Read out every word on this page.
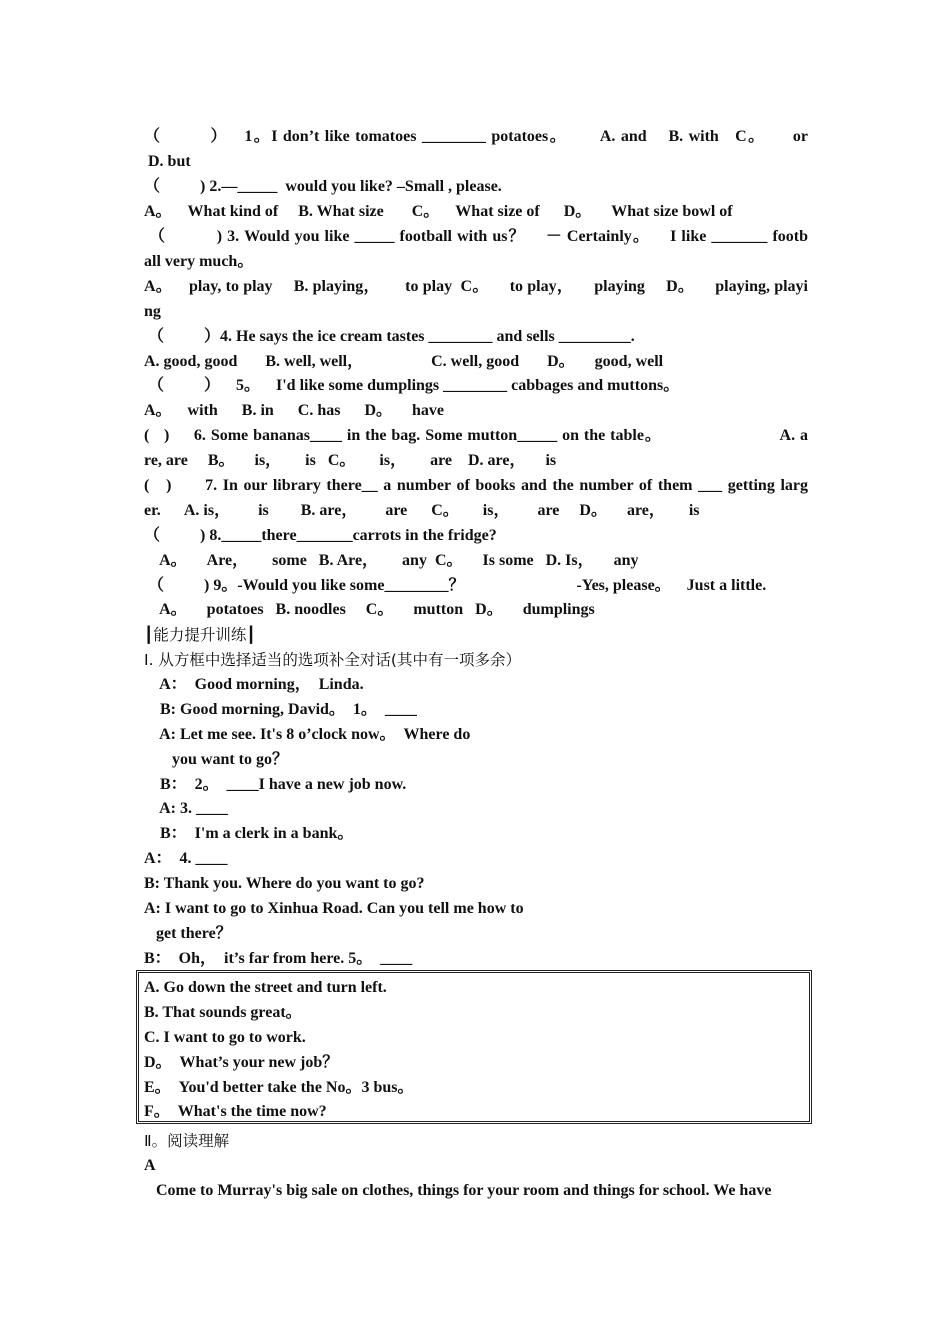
（         ）   1。I don’t like tomatoes ________ potatoes。      A. and    B. with   C。     or
D. but
（          ) 2.—_____  would you like? –Small , please.
A。    What kind of     B. What size       C。    What size of      D。     What size bowl of
（          ) 3. Would you like _____ football with us？    － Certainly。    I like _______ footb
all very much。
A。    play, to play     B. playing，      to play  C。     to play，     playing     D。     playing, playi
ng
（          ）4. He says the ice cream tastes ________ and sells _________.
A. good, good       B. well, well，                 C. well, good       D。     good, well
（          ）    5。    I'd like some dumplings ________ cabbages and muttons。
A。    with      B. in      C. has      D。     have
(   )     6. Some bananas____ in the bag. Some mutton_____ on the table。                        A. a
re, are     B。     is，      is   C。      is，      are    D. are，     is
(   )      7. In our library there__ a number of books and the number of them ___ getting larg
er.      A. is，       is        B. are，       are      C。      is，       are     D。     are，      is
（          ) 8._____there_______carrots in the fridge?
A。     Are，      some   B. Are，      any  C。     Is some   D. Is，     any
（          ) 9。-Would you like some________？                            -Yes, please。    Just a little.
A。     potatoes   B. noodles     C。     mutton   D。     dumplings
┃能力提升训练┃
Ⅰ. 从方框中选择适当的选项补全对话(其中有一项多余）
A：  Good morning，  Linda.
B: Good morning, David。  1。  ____
A: Let me see. It's 8 o’clock now。  Where do
you want to go？
B：  2。  ____I have a new job now.
A: 3. ____
B：  I'm a clerk in a bank。
A：  4. ____
B: Thank you. Where do you want to go?
A: I want to go to Xinhua Road. Can you tell me how to
get there？
B：  Oh，  it’s far from here. 5。  ____
A. Go down the street and turn left.
B. That sounds great。
C. I want to go to work.
D。  What’s your new job？
E。  You'd better take the No。3 bus。
F。  What's the time now?
Ⅱ。阅读理解
A
Come to Murray's big sale on clothes, things for your room and things for school. We have
